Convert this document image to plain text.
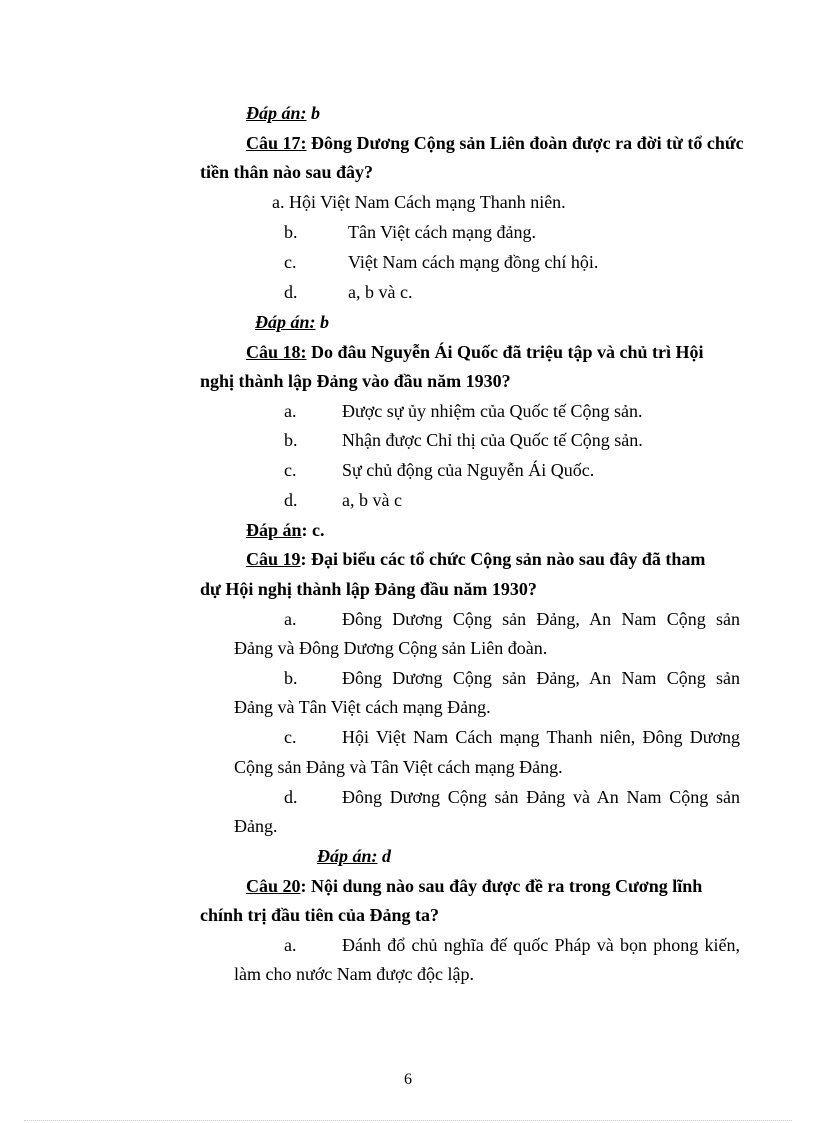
Đáp án: b
Câu 17: Đông Dương Cộng sản Liên đoàn được ra đời từ tổ chức
tiền thân nào sau đây?
a. Hội Việt Nam Cách mạng Thanh niên.
b.	Tân Việt cách mạng đảng.
c.	Việt Nam cách mạng đồng chí hội.
d.	a, b và c.
Đáp án: b
Câu 18: Do đâu Nguyễn Ái Quốc đã triệu tập và chủ trì Hội
nghị thành lập Đảng vào đầu năm 1930?
a.	Được sự ủy nhiệm của Quốc tế Cộng sản.
b. Nhận được Chỉ thị của Quốc tế Cộng sản.
c.	Sự chủ động của Nguyễn Ái Quốc.
d. a, b và c
Đáp án: c.
Câu 19: Đại biểu các tổ chức Cộng sản nào sau đây đã tham
dự Hội nghị thành lập Đảng đầu năm 1930?
a.	Đông Dương Cộng sản Đảng, An Nam Cộng sản
Đảng và Đông Dương Cộng sản Liên đoàn.
b.	Đông Dương Cộng sản Đảng, An Nam Cộng sản
Đảng và Tân Việt cách mạng Đảng.
c.	Hội Việt Nam Cách mạng Thanh niên, Đông Dương
Cộng sản Đảng và Tân Việt cách mạng Đảng.
d.	Đông Dương Cộng sản Đảng và An Nam Cộng sản
Đảng.
Đáp án: d
Câu 20: Nội dung nào sau đây được đề ra trong Cương lĩnh
chính trị đầu tiên của Đảng ta?
a.	Đánh đổ chủ nghĩa đế quốc Pháp và bọn phong kiến,
làm cho nước Nam được độc lập.
6
